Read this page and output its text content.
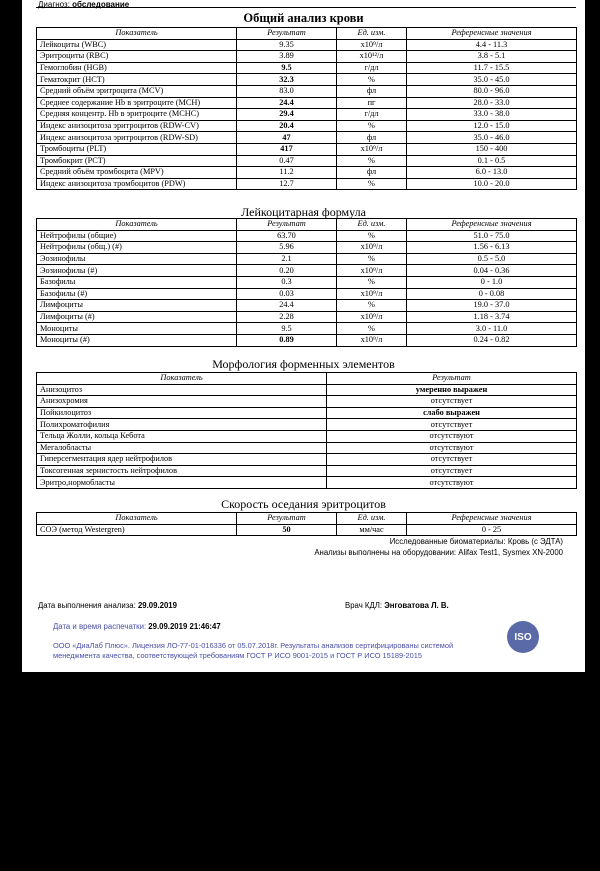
Диагноз: обследование
Общий анализ крови
Показатель	Результат	Ед. изм.	Референсные значения
Лейкоциты (WBC)	9.35	x10⁹/л	4.4 - 11.3
Эритроциты (RBC)	3.89	x10¹²/л	3.8 - 5.1
Гемоглобин (HGB)	9.5	г/дл	11.7 - 15.5
Гематокрит (HCT)	32.3	%	35.0 - 45.0
Средний объём эритроцита (MCV)	83.0	фл	80.0 - 96.0
Среднее содержание Hb в эритроците (MCH)	24.4	пг	28.0 - 33.0
Средняя концентр. Hb в эритроците (MCHC)	29.4	г/дл	33.0 - 38.0
Индекс анизоцитоза эритроцитов (RDW-CV)	20.4	%	12.0 - 15.0
Индекс анизоцитоза эритроцитов (RDW-SD)	47	фл	35.0 - 46.0
Тромбоциты (PLT)	417	x10⁹/л	150 - 400
Тромбокрит (PCT)	0.47	%	0.1 - 0.5
Средний объём тромбоцита (MPV)	11.2	фл	6.0 - 13.0
Индекс анизоцитоза тромбоцитов (PDW)	12.7	%	10.0 - 20.0
Лейкоцитарная формула
Показатель	Результат	Ед. изм.	Референсные значения
Нейтрофилы (общие)	63.70	%	51.0 - 75.0
Нейтрофилы (общ.) (#)	5.96	x10⁹/л	1.56 - 6.13
Эозинофилы	2.1	%	0.5 - 5.0
Эозинофилы (#)	0.20	x10⁹/л	0.04 - 0.36
Базофилы	0.3	%	0 - 1.0
Базофилы (#)	0.03	x10⁹/л	0 - 0.08
Лимфоциты	24.4	%	19.0 - 37.0
Лимфоциты (#)	2.28	x10⁹/л	1.18 - 3.74
Моноциты	9.5	%	3.0 - 11.0
Моноциты (#)	0.89	x10⁹/л	0.24 - 0.82
Морфология форменных элементов
Показатель	Результат
Анизоцитоз	умеренно выражен
Анизохромия	отсутствует
Пойкилоцитоз	слабо выражен
Полихроматофилия	отсутствует
Тельца Жолли, кольца Кебота	отсутствуют
Мегалобласты	отсутствуют
Гиперсегментация ядер нейтрофилов	отсутствует
Токсогенная зернистость нейтрофилов	отсутствует
Эритро,нормобласты	отсутствуют
Скорость оседания эритроцитов
Показатель	Результат	Ед. изм.	Референсные значения
СОЭ (метод Westergren)	50	мм/час	0 - 25
Исследованные биоматериалы: Кровь (с ЭДТА)
Анализы выполнены на оборудовании: Alifax Test1, Sysmex XN-2000
Дата выполнения анализа: 29.09.2019	Врач КДЛ: Энговатова Л. В.
Дата и время распечатки: 29.09.2019 21:46:47
ООО «ДиаЛаб Плюс». Лицензия ЛО-77-01-016336 от 05.07.2018г. Результаты анализов сертифицированы системой
менеджмента качества, соответствующей требованиям ГОСТ Р ИСО 9001-2015 и ГОСТ Р ИСО 15189-2015
ISO
